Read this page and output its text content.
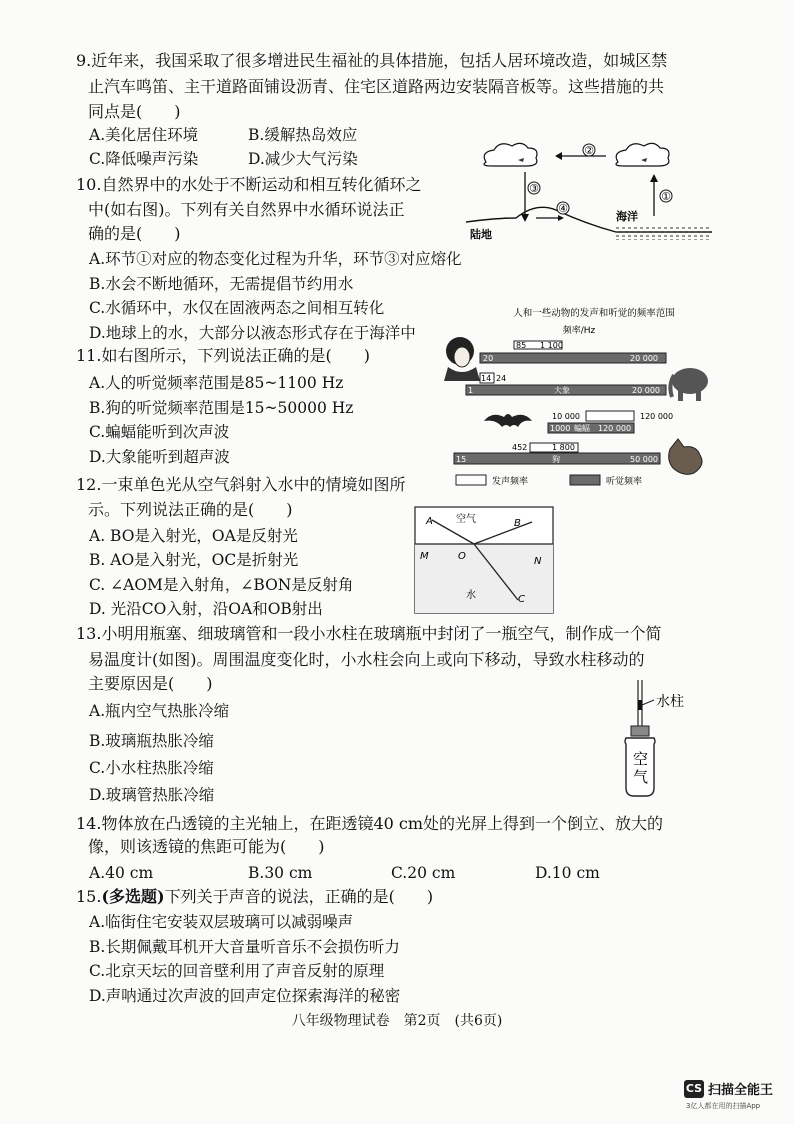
9.近年来，我国采取了很多增进民生福祉的具体措施，包括人居环境改造，如城区禁
止汽车鸣笛、主干道路面铺设沥青、住宅区道路两边安装隔音板等。这些措施的共
同点是(　　)
A.美化居住环境	B.缓解热岛效应
C.降低噪声污染	D.减少大气污染
10.自然界中的水处于不断运动和相互转化循环之
中(如右图)。下列有关自然界中水循环说法正
确的是(　　)
A.环节①对应的物态变化过程为升华，环节③对应熔化
B.水会不断地循环，无需提倡节约用水
C.水循环中，水仅在固液两态之间相互转化
D.地球上的水，大部分以液态形式存在于海洋中
②
③
①
④
海洋
陆地
11.如右图所示，下列说法正确的是(　　)
A.人的听觉频率范围是85~1100 Hz
B.狗的听觉频率范围是15~50000 Hz
C.蝙蝠能听到次声波
D.大象能听到超声波
人和一些动物的发声和听觉的频率范围
频率/Hz
85 1 100
20	20 000
14 24
1	大象	20 000
10 000	120 000
1000 蝙蝠 120 000
452	1 800
15	狗	50 000
发声频率	听觉频率
12.一束单色光从空气斜射入水中的情境如图所
示。下列说法正确的是(　　)
A. BO是入射光，OA是反射光
B. AO是入射光，OC是折射光
C. ∠AOM是入射角，∠BON是反射角
D. 光沿CO入射，沿OA和OB射出
A 空气	B
M	O	N
水	C
13.小明用瓶塞、细玻璃管和一段小水柱在玻璃瓶中封闭了一瓶空气，制作成一个简
易温度计(如图)。周围温度变化时，小水柱会向上或向下移动，导致水柱移动的
主要原因是(　　)
A.瓶内空气热胀冷缩
B.玻璃瓶热胀冷缩
C.小水柱热胀冷缩
D.玻璃管热胀冷缩
水柱
空
气
14.物体放在凸透镜的主光轴上，在距透镜40 cm处的光屏上得到一个倒立、放大的
像，则该透镜的焦距可能为(　　)
A.40 cm	B.30 cm	C.20 cm	D.10 cm
15.(多选题)下列关于声音的说法，正确的是(　　)
A.临街住宅安装双层玻璃可以减弱噪声
B.长期佩戴耳机开大音量听音乐不会损伤听力
C.北京天坛的回音壁利用了声音反射的原理
D.声呐通过次声波的回声定位探索海洋的秘密
八年级物理试卷　第2页　(共6页)
CS 扫描全能王
3亿人都在用的扫描App
